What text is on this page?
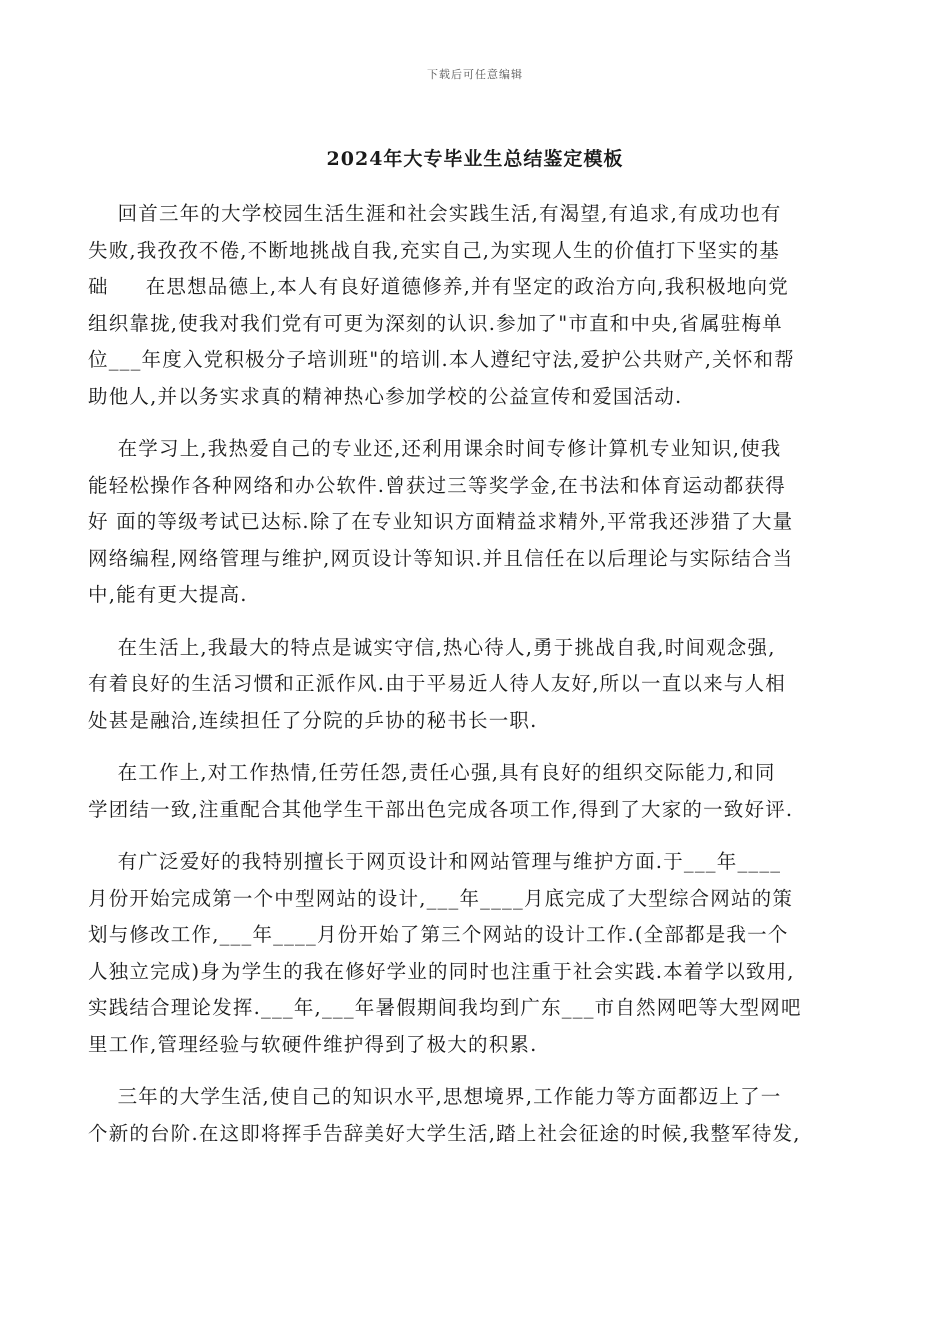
下载后可任意编辑
2024年大专毕业生总结鉴定模板

回首三年的大学校园生活生涯和社会实践生活,有渴望,有追求,有成功也有
失败,我孜孜不倦,不断地挑战自我,充实自己,为实现人生的价值打下坚实的基
础     在思想品德上,本人有良好道德修养,并有坚定的政治方向,我积极地向党
组织靠拢,使我对我们党有可更为深刻的认识.参加了"市直和中央,省属驻梅单
位___年度入党积极分子培训班"的培训.本人遵纪守法,爱护公共财产,关怀和帮
助他人,并以务实求真的精神热心参加学校的公益宣传和爱国活动.

在学习上,我热爱自己的专业还,还利用课余时间专修计算机专业知识,使我
能轻松操作各种网络和办公软件.曾获过三等奖学金,在书法和体育运动都获得
好 面的等级考试已达标.除了在专业知识方面精益求精外,平常我还涉猎了大量
网络编程,网络管理与维护,网页设计等知识.并且信任在以后理论与实际结合当
中,能有更大提高.

在生活上,我最大的特点是诚实守信,热心待人,勇于挑战自我,时间观念强,
有着良好的生活习惯和正派作风.由于平易近人待人友好,所以一直以来与人相
处甚是融洽,连续担任了分院的乒协的秘书长一职.

在工作上,对工作热情,任劳任怨,责任心强,具有良好的组织交际能力,和同
学团结一致,注重配合其他学生干部出色完成各项工作,得到了大家的一致好评.

有广泛爱好的我特别擅长于网页设计和网站管理与维护方面.于___年____
月份开始完成第一个中型网站的设计,___年____月底完成了大型综合网站的策
划与修改工作,___年____月份开始了第三个网站的设计工作.(全部都是我一个
人独立完成)身为学生的我在修好学业的同时也注重于社会实践.本着学以致用,
实践结合理论发挥.___年,___年暑假期间我均到广东___市自然网吧等大型网吧
里工作,管理经验与软硬件维护得到了极大的积累.

三年的大学生活,使自己的知识水平,思想境界,工作能力等方面都迈上了一
个新的台阶.在这即将挥手告辞美好大学生活,踏上社会征途的时候,我整军待发,
